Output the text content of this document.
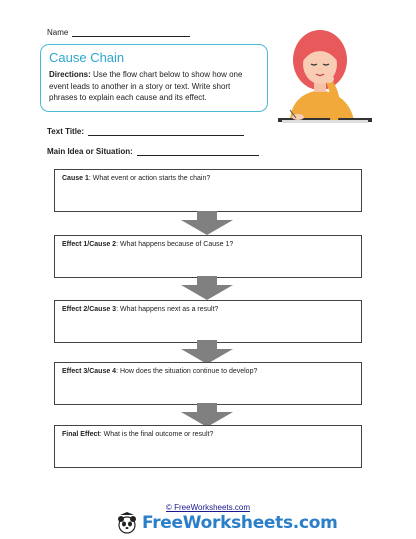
Name
Cause Chain
Directions: Use the flow chart below to show how one event leads to another in a story or text. Write short phrases to explain each cause and its effect.
Text Title:
Main Idea or Situation:
Cause 1: What event or action starts the chain?
Effect 1/Cause 2: What happens because of Cause 1?
Effect 2/Cause 3: What happens next as a result?
Effect 3/Cause 4: How does the situation continue to develop?
Final Effect: What is the final outcome or result?
© FreeWorksheets.com
FreeWorksheets.com
